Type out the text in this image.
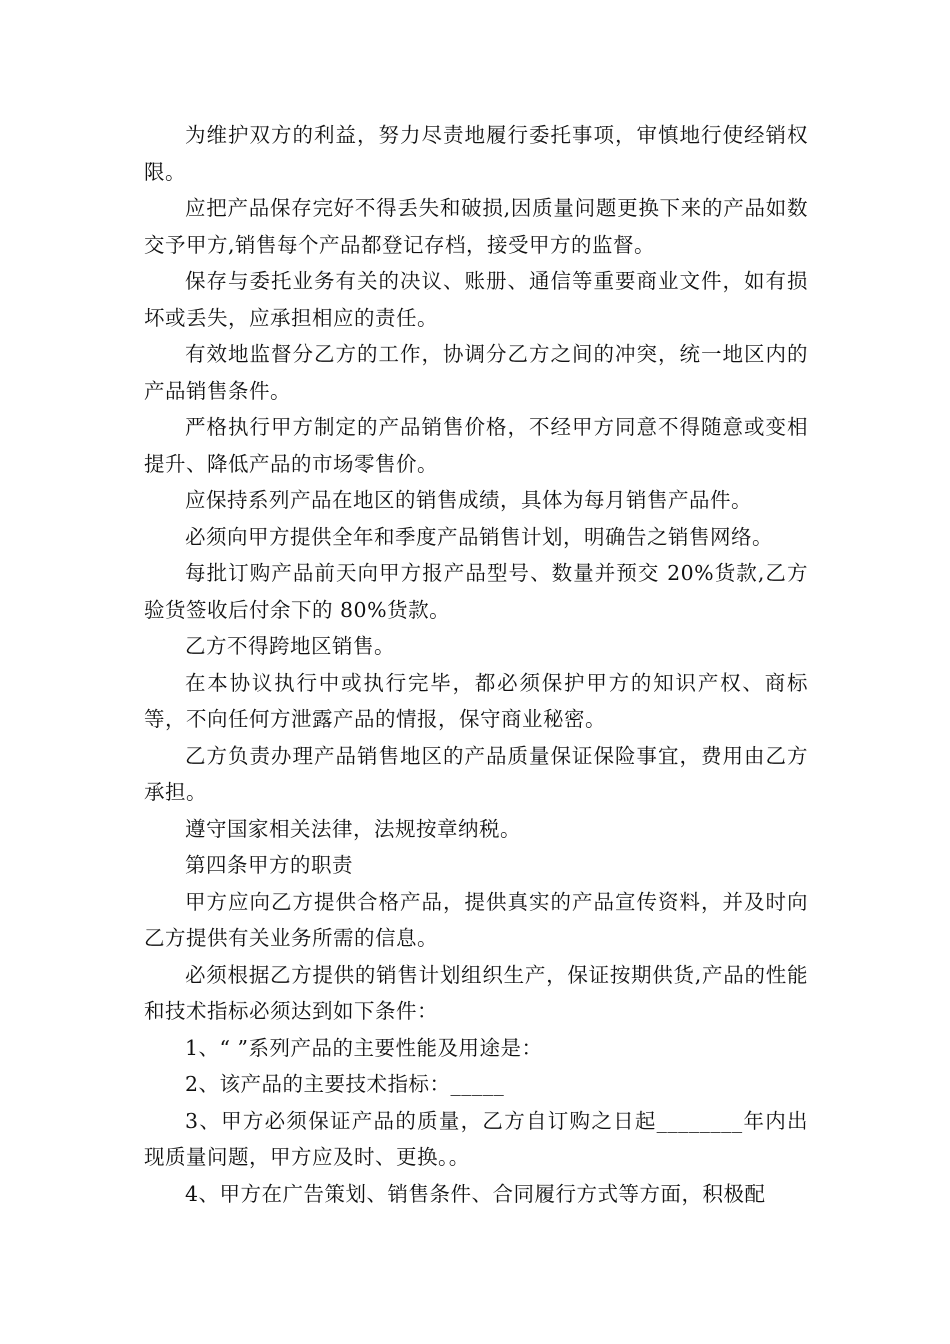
为维护双方的利益，努力尽责地履行委托事项，审慎地行使经销权限。

应把产品保存完好不得丢失和破损,因质量问题更换下来的产品如数交予甲方,销售每个产品都登记存档，接受甲方的监督。

保存与委托业务有关的决议、账册、通信等重要商业文件，如有损坏或丢失，应承担相应的责任。

有效地监督分乙方的工作，协调分乙方之间的冲突，统一地区内的产品销售条件。

严格执行甲方制定的产品销售价格，不经甲方同意不得随意或变相提升、降低产品的市场零售价。

应保持系列产品在地区的销售成绩，具体为每月销售产品件。

必须向甲方提供全年和季度产品销售计划，明确告之销售网络。

每批订购产品前天向甲方报产品型号、数量并预交 20%货款,乙方验货签收后付余下的 80%货款。

乙方不得跨地区销售。

在本协议执行中或执行完毕，都必须保护甲方的知识产权、商标等，不向任何方泄露产品的情报，保守商业秘密。

乙方负责办理产品销售地区的产品质量保证保险事宜，费用由乙方承担。

遵守国家相关法律，法规按章纳税。

第四条甲方的职责

甲方应向乙方提供合格产品，提供真实的产品宣传资料，并及时向乙方提供有关业务所需的信息。

必须根据乙方提供的销售计划组织生产，保证按期供货,产品的性能和技术指标必须达到如下条件：

1、“ ”系列产品的主要性能及用途是：

2、该产品的主要技术指标：_____

3、甲方必须保证产品的质量，乙方自订购之日起________年内出现质量问题，甲方应及时、更换。。

4、甲方在广告策划、销售条件、合同履行方式等方面，积极配
